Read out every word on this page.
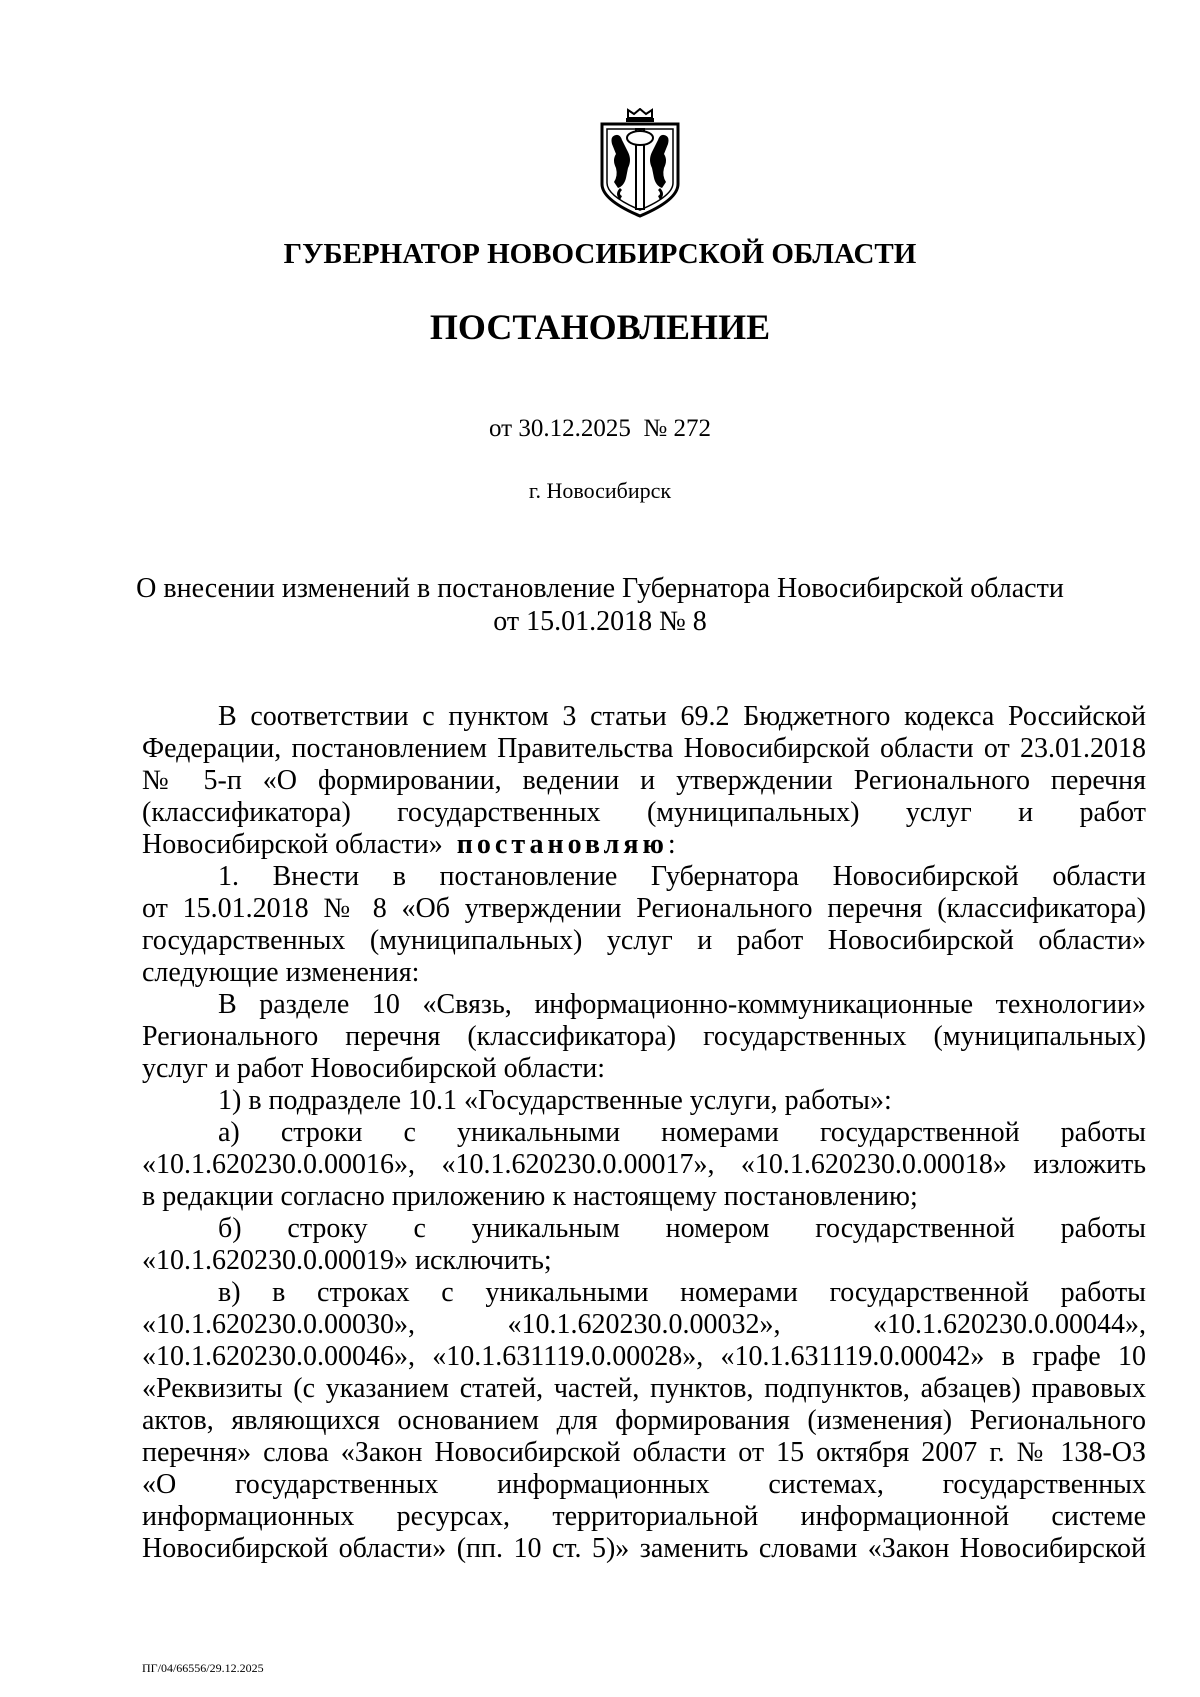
ГУБЕРНАТОР НОВОСИБИРСКОЙ ОБЛАСТИ
ПОСТАНОВЛЕНИЕ
от 30.12.2025  № 272
г. Новосибирск
О внесении изменений в постановление Губернатора Новосибирской области
от 15.01.2018 № 8
В соответствии с пунктом 3 статьи 69.2 Бюджетного кодекса Российской
Федерации, постановлением Правительства Новосибирской области от 23.01.2018
№ 5-п «О формировании, ведении и утверждении Регионального перечня
(классификатора) государственных (муниципальных) услуг и работ
Новосибирской области» постановляю:
1. Внести в постановление Губернатора Новосибирской области
от 15.01.2018 № 8 «Об утверждении Регионального перечня (классификатора)
государственных (муниципальных) услуг и работ Новосибирской области»
следующие изменения:
В разделе 10 «Связь, информационно-коммуникационные технологии»
Регионального перечня (классификатора) государственных (муниципальных)
услуг и работ Новосибирской области:
1) в подразделе 10.1 «Государственные услуги, работы»:
а) строки с уникальными номерами государственной работы
«10.1.620230.0.00016», «10.1.620230.0.00017», «10.1.620230.0.00018» изложить
в редакции согласно приложению к настоящему постановлению;
б) строку с уникальным номером государственной работы
«10.1.620230.0.00019» исключить;
в) в строках с уникальными номерами государственной работы
«10.1.620230.0.00030», «10.1.620230.0.00032», «10.1.620230.0.00044»,
«10.1.620230.0.00046», «10.1.631119.0.00028», «10.1.631119.0.00042» в графе 10
«Реквизиты (с указанием статей, частей, пунктов, подпунктов, абзацев) правовых
актов, являющихся основанием для формирования (изменения) Регионального
перечня» слова «Закон Новосибирской области от 15 октября 2007 г. № 138-ОЗ
«О государственных информационных системах, государственных
информационных ресурсах, территориальной информационной системе
Новосибирской области» (пп. 10 ст. 5)» заменить словами «Закон Новосибирской
ПГ/04/66556/29.12.2025
